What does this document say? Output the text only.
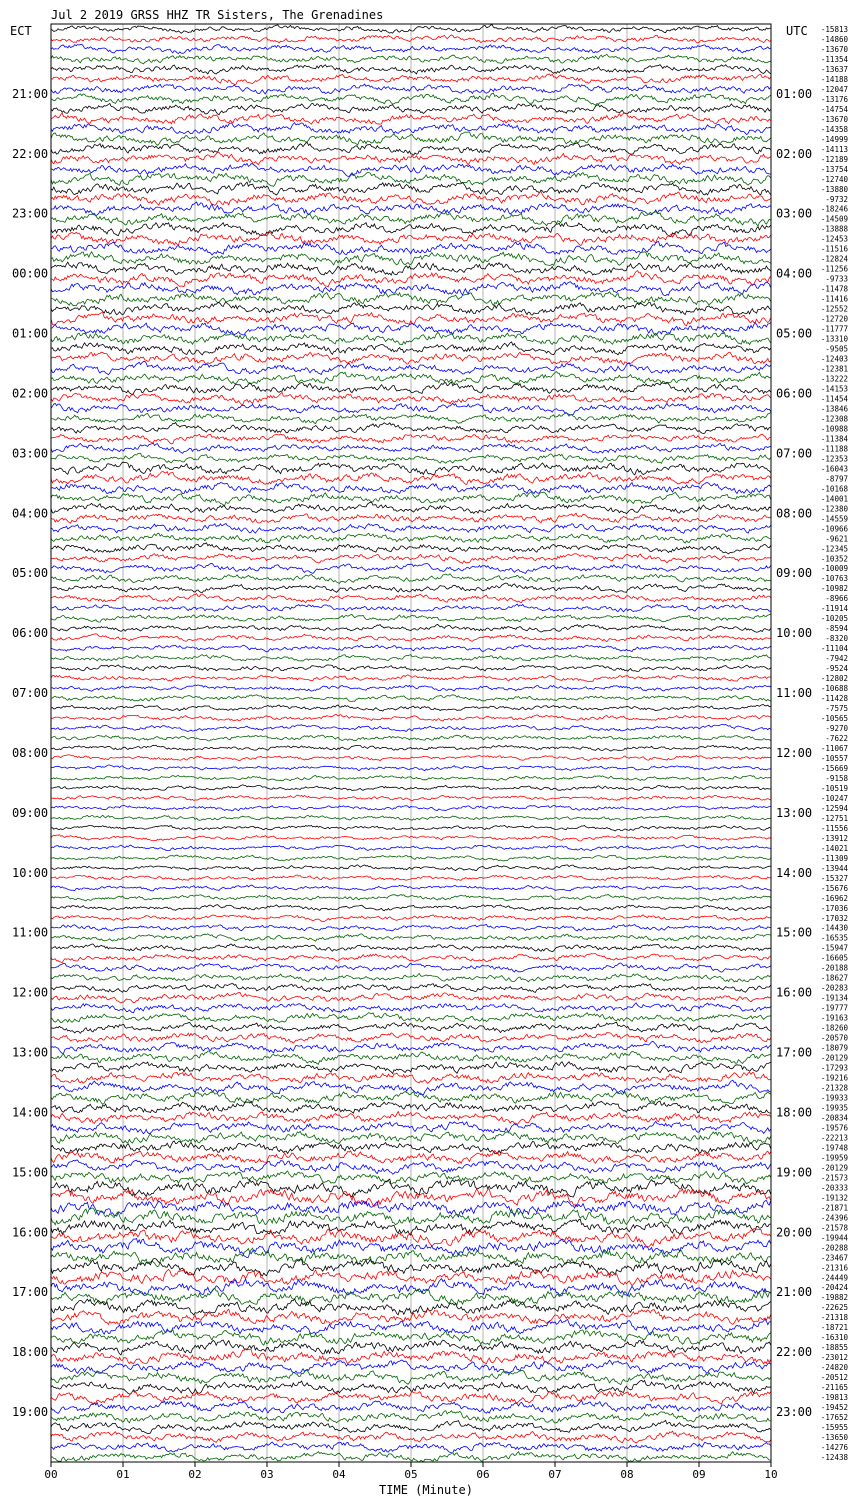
Jul 2 2019 GRSS HHZ TR Sisters, The Grenadines
ECT	UTC
TIME (Minute)
00	01	02	03	04	05	06	07	08	09	10
21:00
22:00
23:00
00:00
01:00
02:00
03:00
04:00
05:00
06:00
07:00
08:00
09:00
10:00
11:00
12:00
13:00
14:00
15:00
16:00
17:00
18:00
19:00
01:00
02:00
03:00
04:00
05:00
06:00
07:00
08:00
09:00
10:00
11:00
12:00
13:00
14:00
15:00
16:00
17:00
18:00
19:00
20:00
21:00
22:00
23:00
-15813
-14860
-13670
-11354
-13637
-14188
-12047
-13176
-14754
-13670
-14358
-14999
-14113
-12189
-13754
-12740
-13880
-9732
-18246
-14509
-13888
-12453
-11516
-12824
-11256
-9733
-11478
-11416
-12552
-12720
-11777
-13310
-9505
-12403
-12381
-13222
-14153
-11454
-13846
-12308
-10988
-11384
-11188
-12353
-16043
-8797
-10168
-14001
-12380
-14559
-10966
-9621
-12345
-10352
-10009
-10763
-10982
-8966
-11914
-10205
-8594
-8320
-11104
-7942
-9524
-12802
-10688
-11428
-7575
-10565
-9270
-7622
-11067
-10557
-15669
-9158
-10519
-10247
-12594
-12751
-11556
-13912
-14021
-11309
-13944
-15327
-15676
-16962
-17036
-17032
-14430
-16535
-15947
-16605
-20188
-18627
-20283
-19134
-19777
-19163
-18260
-20570
-18079
-20129
-17293
-19216
-21328
-19933
-19935
-20834
-19576
-22213
-19748
-19959
-20129
-21573
-20333
-19132
-21871
-24396
-21578
-19944
-20288
-23467
-21316
-24449
-20424
-19882
-22625
-21318
-18721
-16310
-18855
-23012
-24820
-20512
-21165
-19813
-19452
-17652
-15955
-13650
-14276
-12438
